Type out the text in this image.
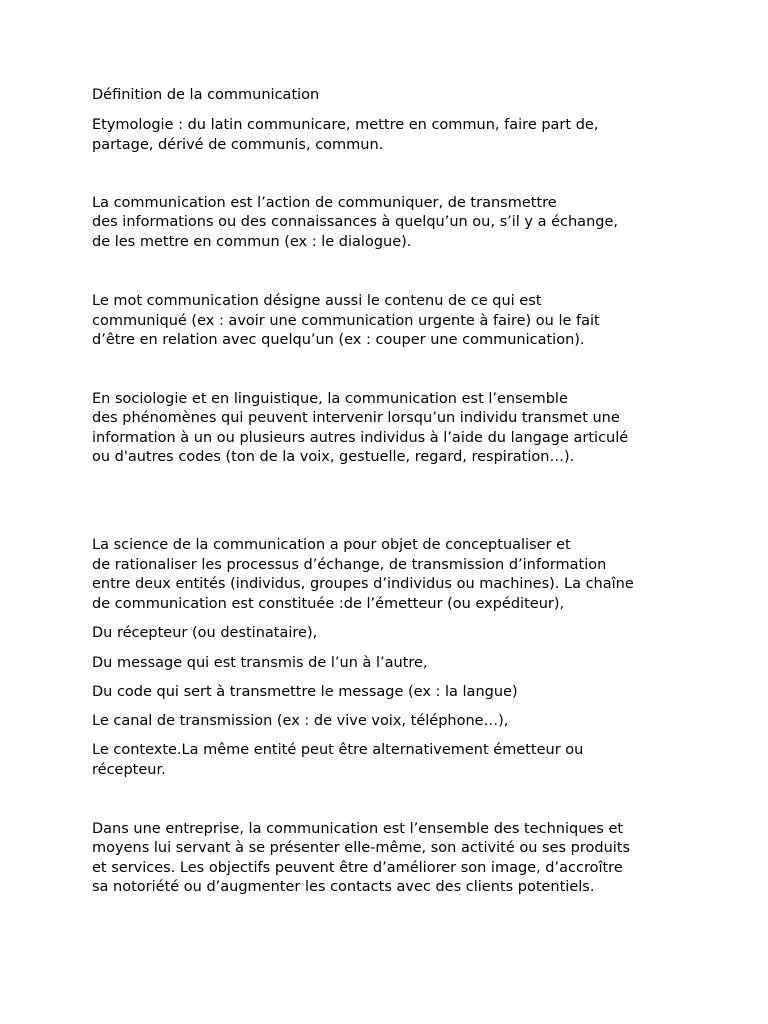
Définition de la communication

Etymologie : du latin communicare, mettre en commun, faire part de,

partage, dérivé de communis, commun.

La communication est l’action de communiquer, de transmettre

des informations ou des connaissances à quelqu’un ou, s’il y a échange,

de les mettre en commun (ex : le dialogue).

Le mot communication désigne aussi le contenu de ce qui est

communiqué (ex : avoir une communication urgente à faire) ou le fait

d’être en relation avec quelqu’un (ex : couper une communication).

En sociologie et en linguistique, la communication est l’ensemble

des phénomènes qui peuvent intervenir lorsqu’un individu transmet une

information à un ou plusieurs autres individus à l’aide du langage articulé

ou d'autres codes (ton de la voix, gestuelle, regard, respiration…).

La science de la communication a pour objet de conceptualiser et

de rationaliser les processus d’échange, de transmission d’information

entre deux entités (individus, groupes d’individus ou machines). La chaîne

de communication est constituée :de l’émetteur (ou expéditeur),

Du récepteur (ou destinataire),

Du message qui est transmis de l’un à l’autre,

Du code qui sert à transmettre le message (ex : la langue)

Le canal de transmission (ex : de vive voix, téléphone…),

Le contexte.La même entité peut être alternativement émetteur ou

récepteur.

Dans une entreprise, la communication est l’ensemble des techniques et

moyens lui servant à se présenter elle-même, son activité ou ses produits

et services. Les objectifs peuvent être d’améliorer son image, d’accroître

sa notoriété ou d’augmenter les contacts avec des clients potentiels.
